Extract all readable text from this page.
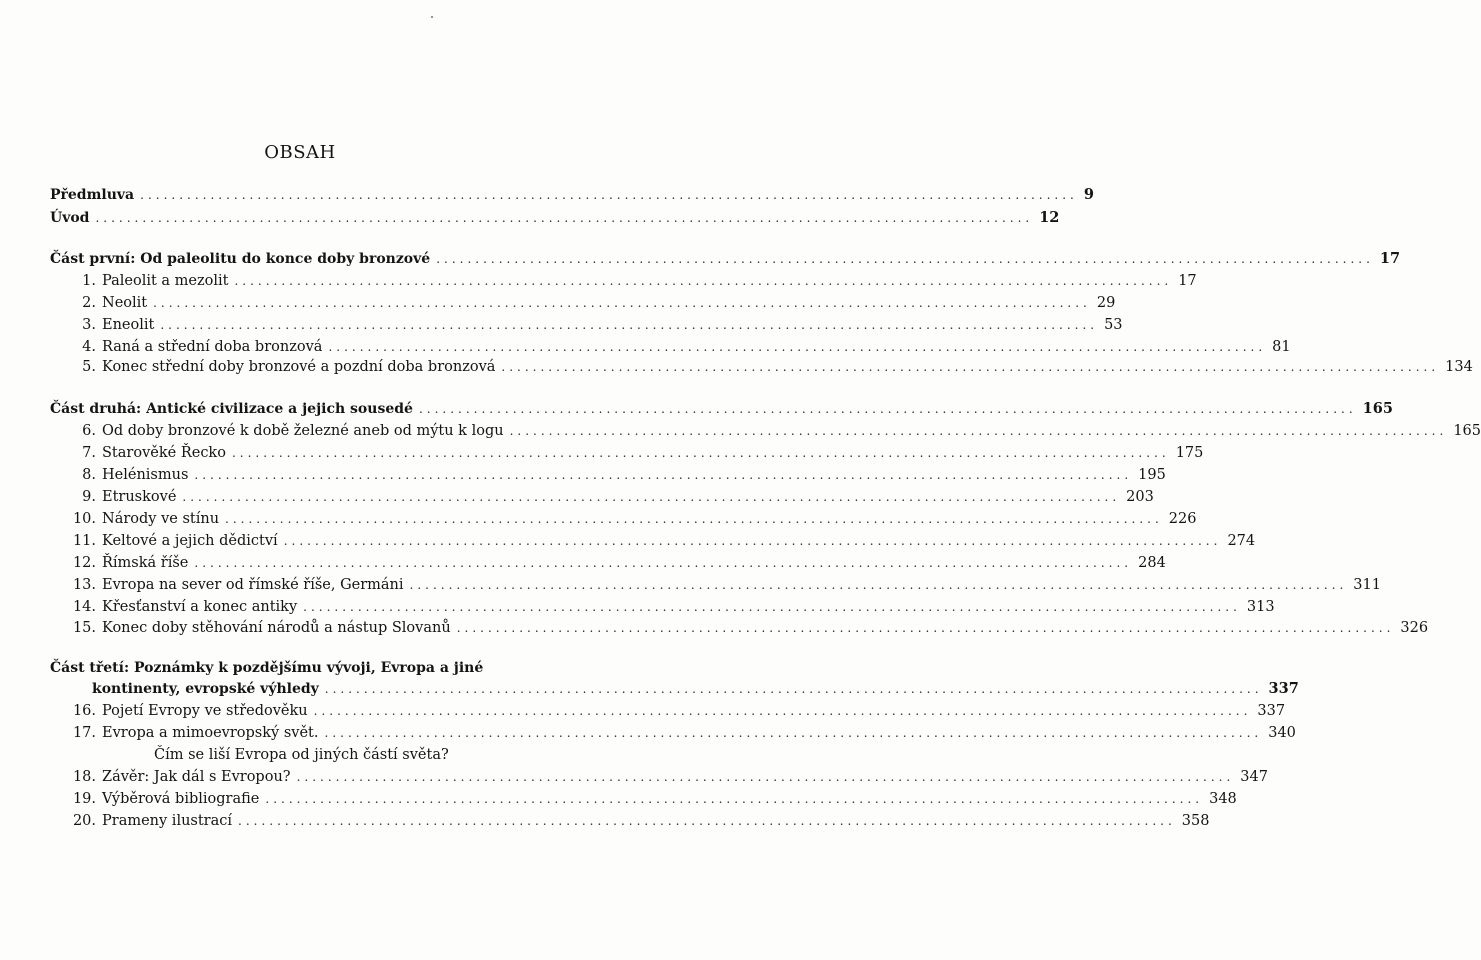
OBSAH
Předmluva ........................................................................................................................ 9
Úvod ........................................................................................................................ 12
Část první: Od paleolitu do konce doby bronzové ........................................................................................................................ 17
1. Paleolit a mezolit ........................................................................................................................ 17
2. Neolit ........................................................................................................................ 29
3. Eneolit ........................................................................................................................ 53
4. Raná a střední doba bronzová ........................................................................................................................ 81
5. Konec střední doby bronzové a pozdní doba bronzová ........................................................................................................................ 134
Část druhá: Antické civilizace a jejich sousedé ........................................................................................................................ 165
6. Od doby bronzové k době železné aneb od mýtu k logu ........................................................................................................................ 165
7. Starověké Řecko ........................................................................................................................ 175
8. Helénismus ........................................................................................................................ 195
9. Etruskové ........................................................................................................................ 203
10. Národy ve stínu ........................................................................................................................ 226
11. Keltové a jejich dědictví ........................................................................................................................ 274
12. Římská říše ........................................................................................................................ 284
13. Evropa na sever od římské říše, Germáni ........................................................................................................................ 311
14. Křesťanství a konec antiky ........................................................................................................................ 313
15. Konec doby stěhování národů a nástup Slovanů ........................................................................................................................ 326
Část třetí: Poznámky k pozdějšímu vývoji, Evropa a jiné
kontinenty, evropské výhledy ........................................................................................................................ 337
16. Pojetí Evropy ve středověku ........................................................................................................................ 337
17. Evropa a mimoevropský svět. ........................................................................................................................ 340
Čím se liší Evropa od jiných částí světa?
18. Závěr: Jak dál s Evropou? ........................................................................................................................ 347
19. Výběrová bibliografie ........................................................................................................................ 348
20. Prameny ilustrací ........................................................................................................................ 358
